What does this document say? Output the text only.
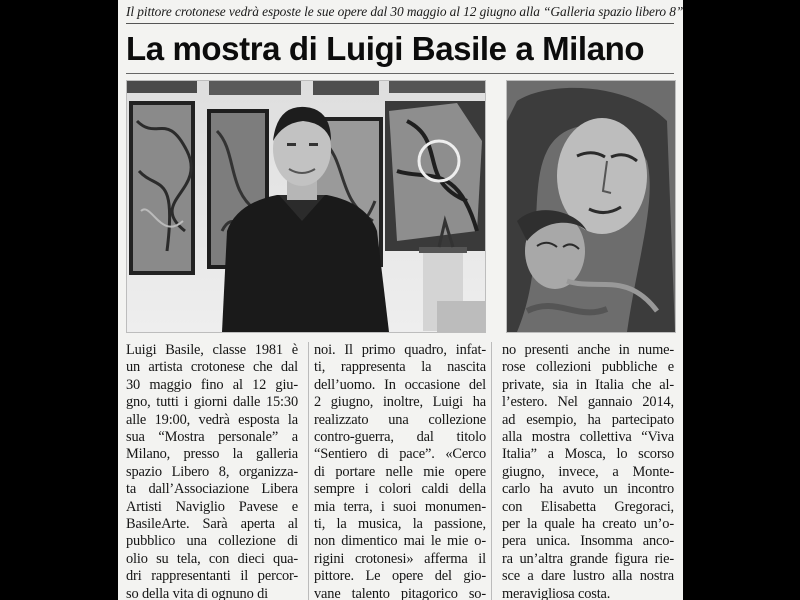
Il pittore crotonese vedrà esposte le sue opere dal 30 maggio al 12 giugno alla “Galleria spazio libero 8”
La mostra di Luigi Basile a Milano
Luigi Basile, classe 1981 è
un artista crotonese che dal
30 maggio fino al 12 giu-
gno, tutti i giorni dalle 15:30
alle 19:00, vedrà esposta la
sua “Mostra personale” a
Milano, presso la galleria
spazio Libero 8, organizza-
ta dall’Associazione Libera
Artisti Naviglio Pavese e
BasileArte. Sarà aperta al
pubblico una collezione di
olio su tela, con dieci qua-
dri rappresentanti il percor-
so della vita di ognuno di
noi. Il primo quadro, infat-
ti, rappresenta la nascita
dell’uomo. In occasione del
2 giugno, inoltre, Luigi ha
realizzato una collezione
contro-guerra, dal titolo
“Sentiero di pace”. «Cerco
di portare nelle mie opere
sempre i colori caldi della
mia terra, i suoi monumen-
ti, la musica, la passione,
non dimentico mai le mie o-
rigini crotonesi» afferma il
pittore. Le opere del gio-
vane talento pitagorico so-
no presenti anche in nume-
rose collezioni pubbliche e
private, sia in Italia che al-
l’estero. Nel gannaio 2014,
ad esempio, ha partecipato
alla mostra collettiva “Viva
Italia” a Mosca, lo scorso
giugno, invece, a Monte-
carlo ha avuto un incontro
con Elisabetta Gregoraci,
per la quale ha creato un’o-
pera unica. Insomma anco-
ra un’altra grande figura rie-
sce a dare lustro alla nostra
meravigliosa costa.
